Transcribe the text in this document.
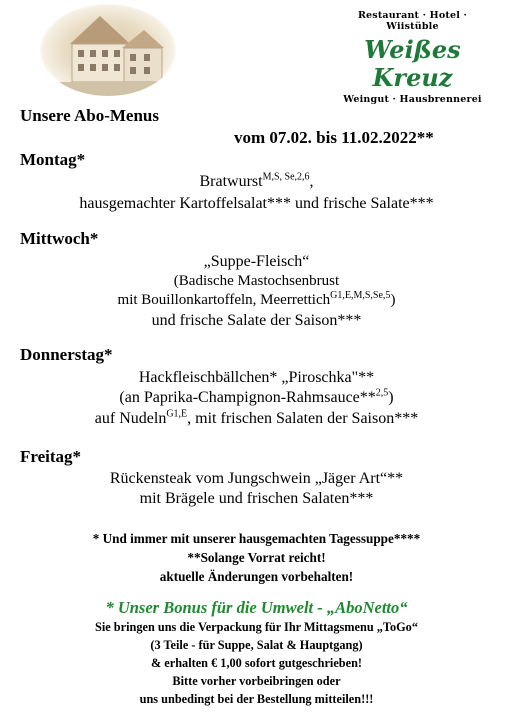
Restaurant · Hotel · Wiistüble
Weißes Kreuz
Weingut · Hausbrennerei
Unsere Abo-Menus
vom 07.02. bis 11.02.2022**
Montag*
Bratwurst$^{M,S, Se,2,6}$,
hausgemachter Kartoffelsalat*** und frische Salate***
Mittwoch*
„Suppe-Fleisch“
(Badische Mastochsenbrust
mit Bouillonkartoffeln, Meerrettich$^{G1,E,M,S,Se,5}$)
und frische Salate der Saison***
Donnerstag*
Hackfleischbällchen* „Piroschka"**
(an Paprika-Champignon-Rahmsauce**$^{2,5}$)
auf Nudeln$^{G1,E}$, mit frischen Salaten der Saison***
Freitag*
Rückensteak vom Jungschwein „Jäger Art“**
mit Brägele und frischen Salaten***
* Und immer mit unserer hausgemachten Tagessuppe****
**Solange Vorrat reicht!
aktuelle Änderungen vorbehalten!
* Unser Bonus für die Umwelt - „AboNetto“
Sie bringen uns die Verpackung für Ihr Mittagsmenu „ToGo“
(3 Teile - für Suppe, Salat & Hauptgang)
& erhalten € 1,00 sofort gutgeschrieben!
Bitte vorher vorbeibringen oder
uns unbedingt bei der Bestellung mitteilen!!!
